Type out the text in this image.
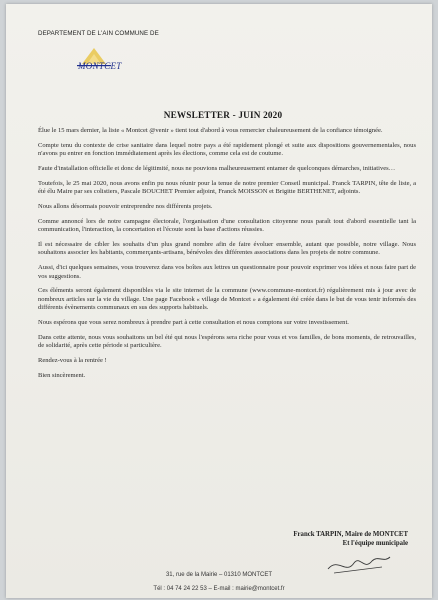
DEPARTEMENT DE L'AIN COMMUNE DE
MONTCET
NEWSLETTER - JUIN 2020

Élue le 15 mars dernier, la liste « Montcet @venir » tient tout d'abord à vous remercier chaleureusement de la confiance témoignée.

Compte tenu du contexte de crise sanitaire dans lequel notre pays a été rapidement plongé et suite aux dispositions gouvernementales, nous n'avons pu entrer en fonction immédiatement après les élections, comme cela est de coutume.

Faute d'installation officielle et donc de légitimité, nous ne pouvions malheureusement entamer de quelconques démarches, initiatives…

Toutefois, le 25 mai 2020, nous avons enfin pu nous réunir pour la tenue de notre premier Conseil municipal. Franck TARPIN, tête de liste, a été élu Maire par ses colistiers, Pascale BOUCHET Premier adjoint, Franck MOISSON et Brigitte BERTHENET, adjoints.

Nous allons désormais pouvoir entreprendre nos différents projets.

Comme annoncé lors de notre campagne électorale, l'organisation d'une consultation citoyenne nous paraît tout d'abord essentielle tant la communication, l'interaction, la concertation et l'écoute sont la base d'actions réussies.

Il est nécessaire de cibler les souhaits d'un plus grand nombre afin de faire évoluer ensemble, autant que possible, notre village. Nous souhaitons associer les habitants, commerçants-artisans, bénévoles des différentes associations dans les projets de notre commune.

Aussi, d'ici quelques semaines, vous trouverez dans vos boîtes aux lettres un questionnaire pour pouvoir exprimer vos idées et nous faire part de vos suggestions.

Ces éléments seront également disponibles via le site internet de la commune (www.commune-montcet.fr) régulièrement mis à jour avec de nombreux articles sur la vie du village. Une page Facebook « village de Montcet » a également été créée dans le but de vous tenir informés des différents évènements communaux en sus des supports habituels.

Nous espérons que vous serez nombreux à prendre part à cette consultation et nous comptons sur votre investissement.

Dans cette attente, nous vous souhaitons un bel été qui nous l'espérons sera riche pour vous et vos familles, de bons moments, de retrouvailles, de solidarité, après cette période si particulière.

Rendez-vous à la rentrée !

Bien sincèrement.

Franck TARPIN, Maire de MONTCET
Et l'équipe municipale
31, rue de la Mairie – 01310 MONTCET
Tél : 04 74 24 22 53 – E-mail : mairie@montcet.fr
